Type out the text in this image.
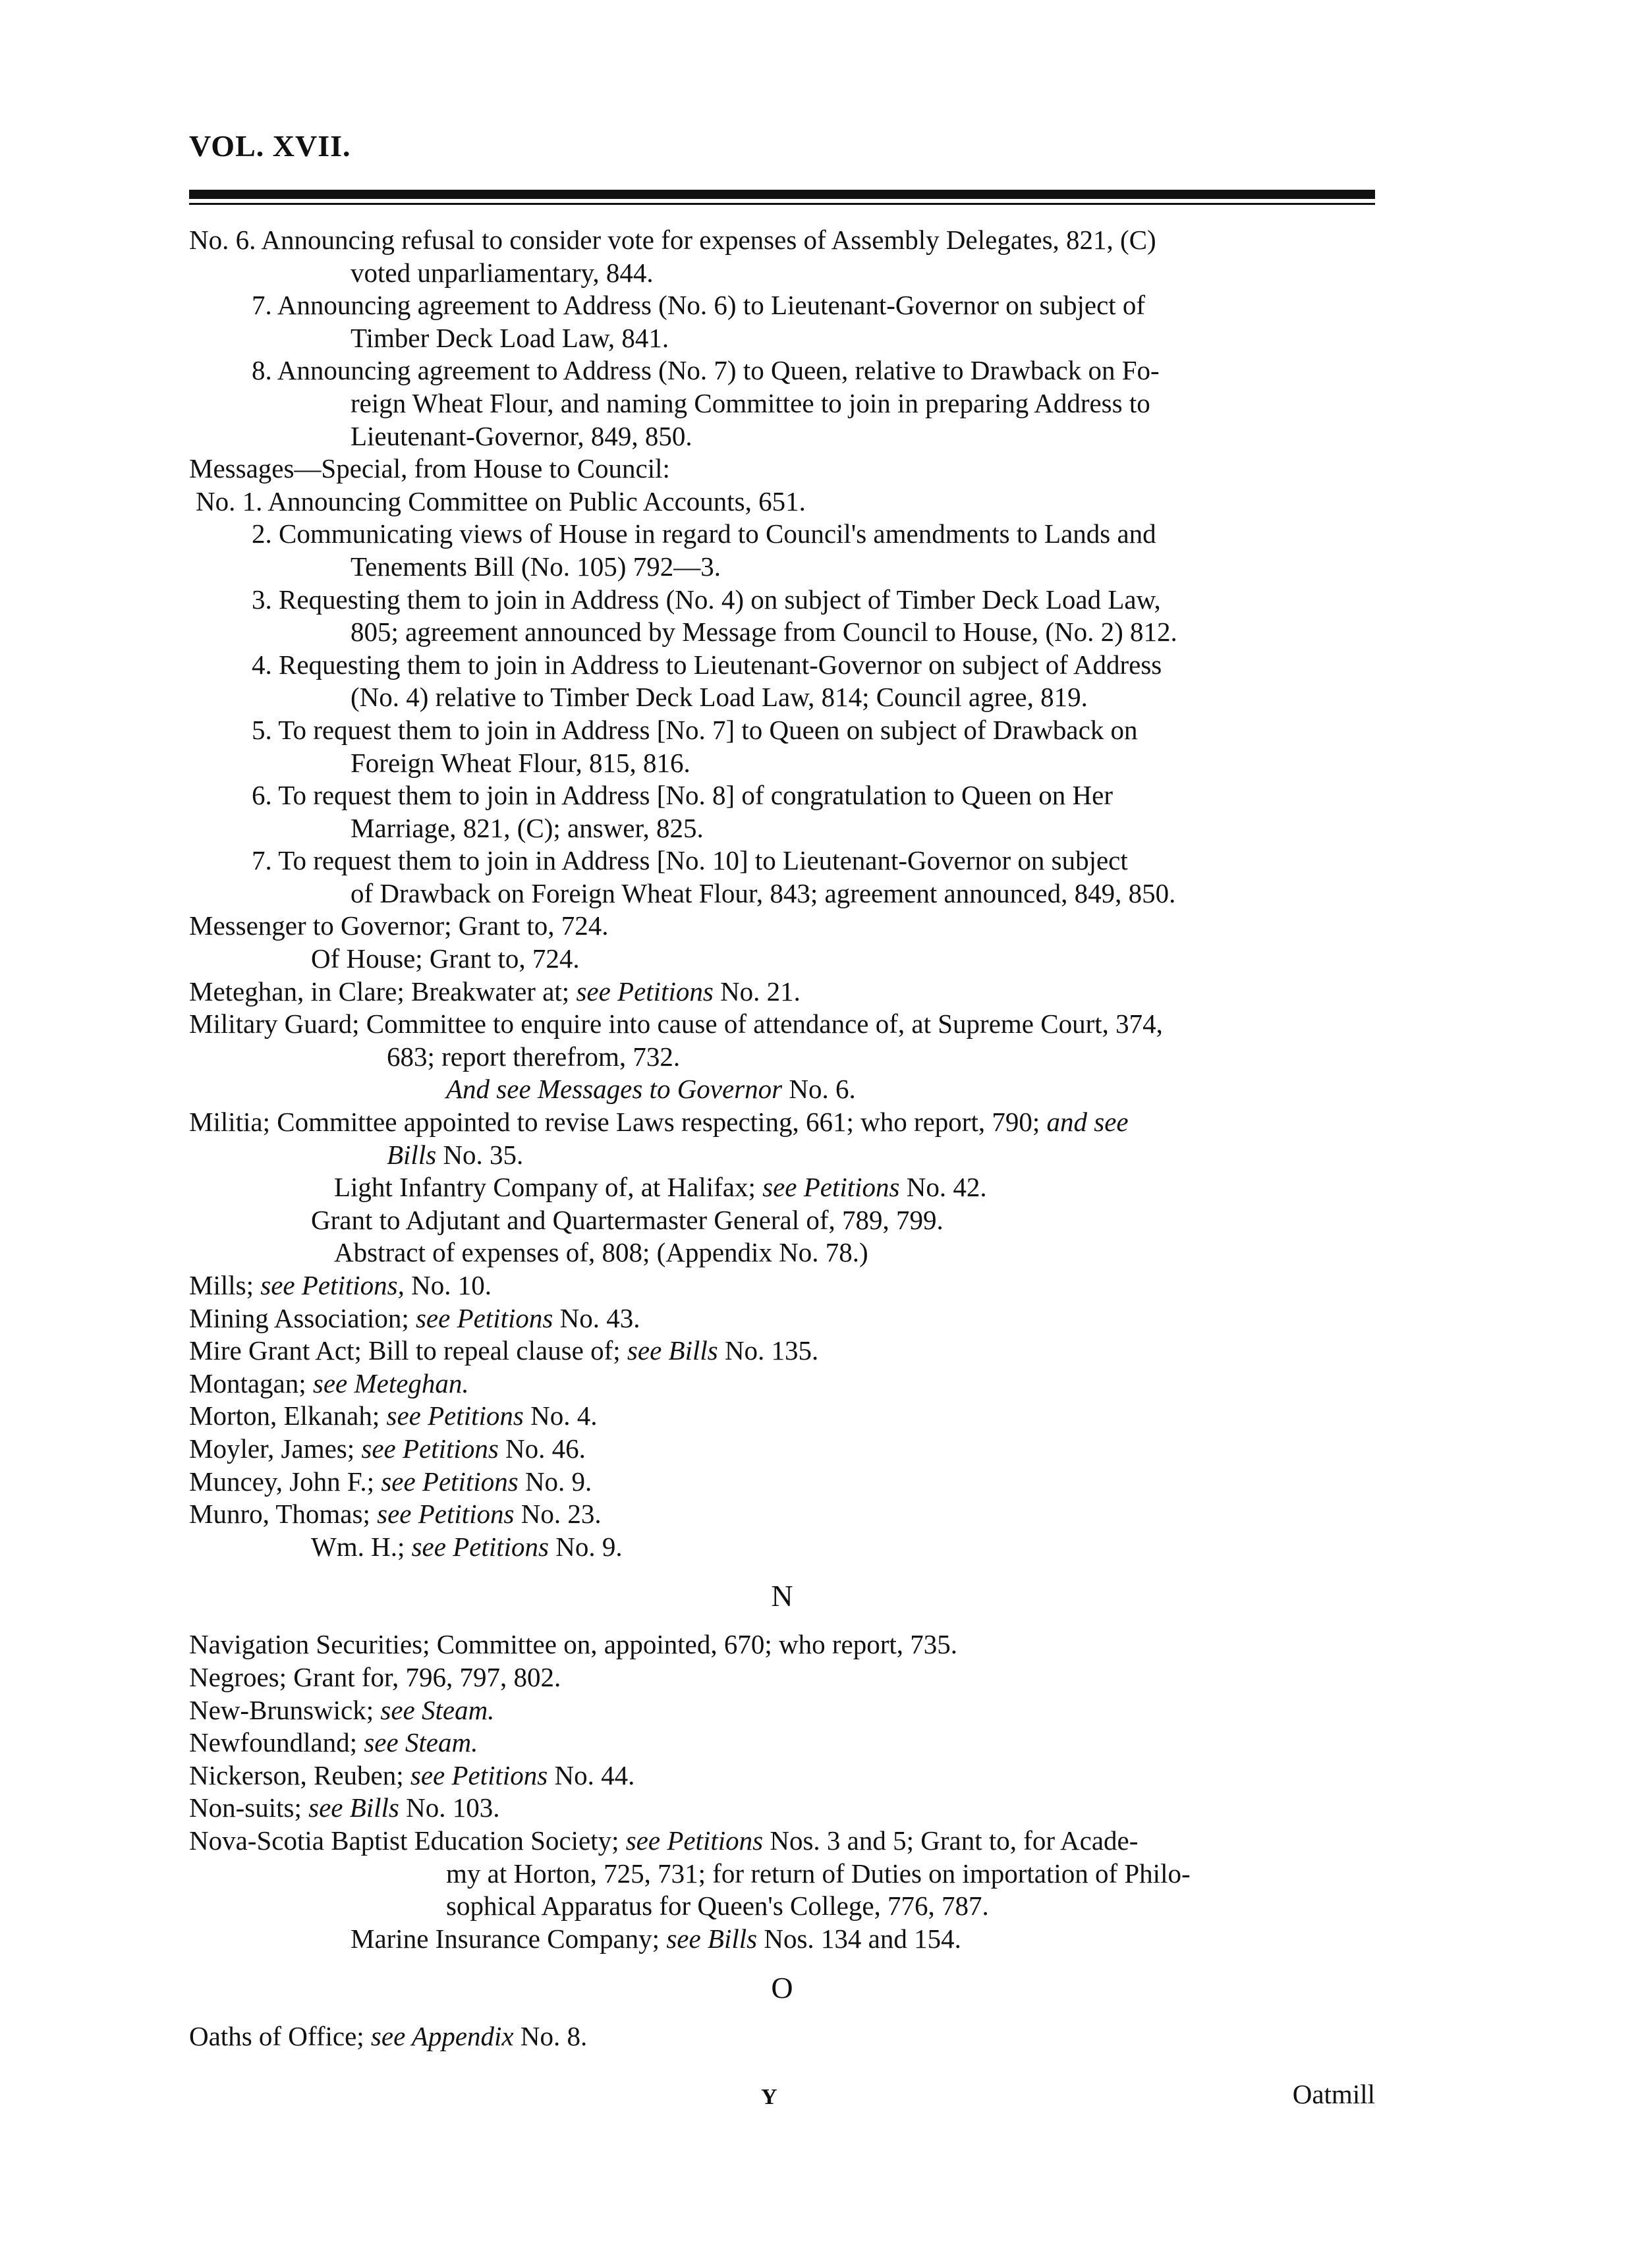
VOL. XVII.
No. 6. Announcing refusal to consider vote for expenses of Assembly Delegates, 821, (C)
voted unparliamentary, 844.
7. Announcing agreement to Address (No. 6) to Lieutenant-Governor on subject of
Timber Deck Load Law, 841.
8. Announcing agreement to Address (No. 7) to Queen, relative to Drawback on Fo-
reign Wheat Flour, and naming Committee to join in preparing Address to
Lieutenant-Governor, 849, 850.
Messages—Special, from House to Council:
No. 1. Announcing Committee on Public Accounts, 651.
2. Communicating views of House in regard to Council's amendments to Lands and
Tenements Bill (No. 105) 792—3.
3. Requesting them to join in Address (No. 4) on subject of Timber Deck Load Law,
805; agreement announced by Message from Council to House, (No. 2) 812.
4. Requesting them to join in Address to Lieutenant-Governor on subject of Address
(No. 4) relative to Timber Deck Load Law, 814; Council agree, 819.
5. To request them to join in Address [No. 7] to Queen on subject of Drawback on
Foreign Wheat Flour, 815, 816.
6. To request them to join in Address [No. 8] of congratulation to Queen on Her
Marriage, 821, (C); answer, 825.
7. To request them to join in Address [No. 10] to Lieutenant-Governor on subject
of Drawback on Foreign Wheat Flour, 843; agreement announced, 849, 850.
Messenger to Governor; Grant to, 724.
Of House; Grant to, 724.
Meteghan, in Clare; Breakwater at; see Petitions No. 21.
Military Guard; Committee to enquire into cause of attendance of, at Supreme Court, 374,
683; report therefrom, 732.
And see Messages to Governor No. 6.
Militia; Committee appointed to revise Laws respecting, 661; who report, 790; and see
Bills No. 35.
Light Infantry Company of, at Halifax; see Petitions No. 42.
Grant to Adjutant and Quartermaster General of, 789, 799.
Abstract of expenses of, 808; (Appendix No. 78.)
Mills; see Petitions, No. 10.
Mining Association; see Petitions No. 43.
Mire Grant Act; Bill to repeal clause of; see Bills No. 135.
Montagan; see Meteghan.
Morton, Elkanah; see Petitions No. 4.
Moyler, James; see Petitions No. 46.
Muncey, John F.; see Petitions No. 9.
Munro, Thomas; see Petitions No. 23.
Wm. H.; see Petitions No. 9.
N
Navigation Securities; Committee on, appointed, 670; who report, 735.
Negroes; Grant for, 796, 797, 802.
New-Brunswick; see Steam.
Newfoundland; see Steam.
Nickerson, Reuben; see Petitions No. 44.
Non-suits; see Bills No. 103.
Nova-Scotia Baptist Education Society; see Petitions Nos. 3 and 5; Grant to, for Acade-
my at Horton, 725, 731; for return of Duties on importation of Philo-
sophical Apparatus for Queen's College, 776, 787.
Marine Insurance Company; see Bills Nos. 134 and 154.
O
Oaths of Office; see Appendix No. 8.
Y	Oatmill
